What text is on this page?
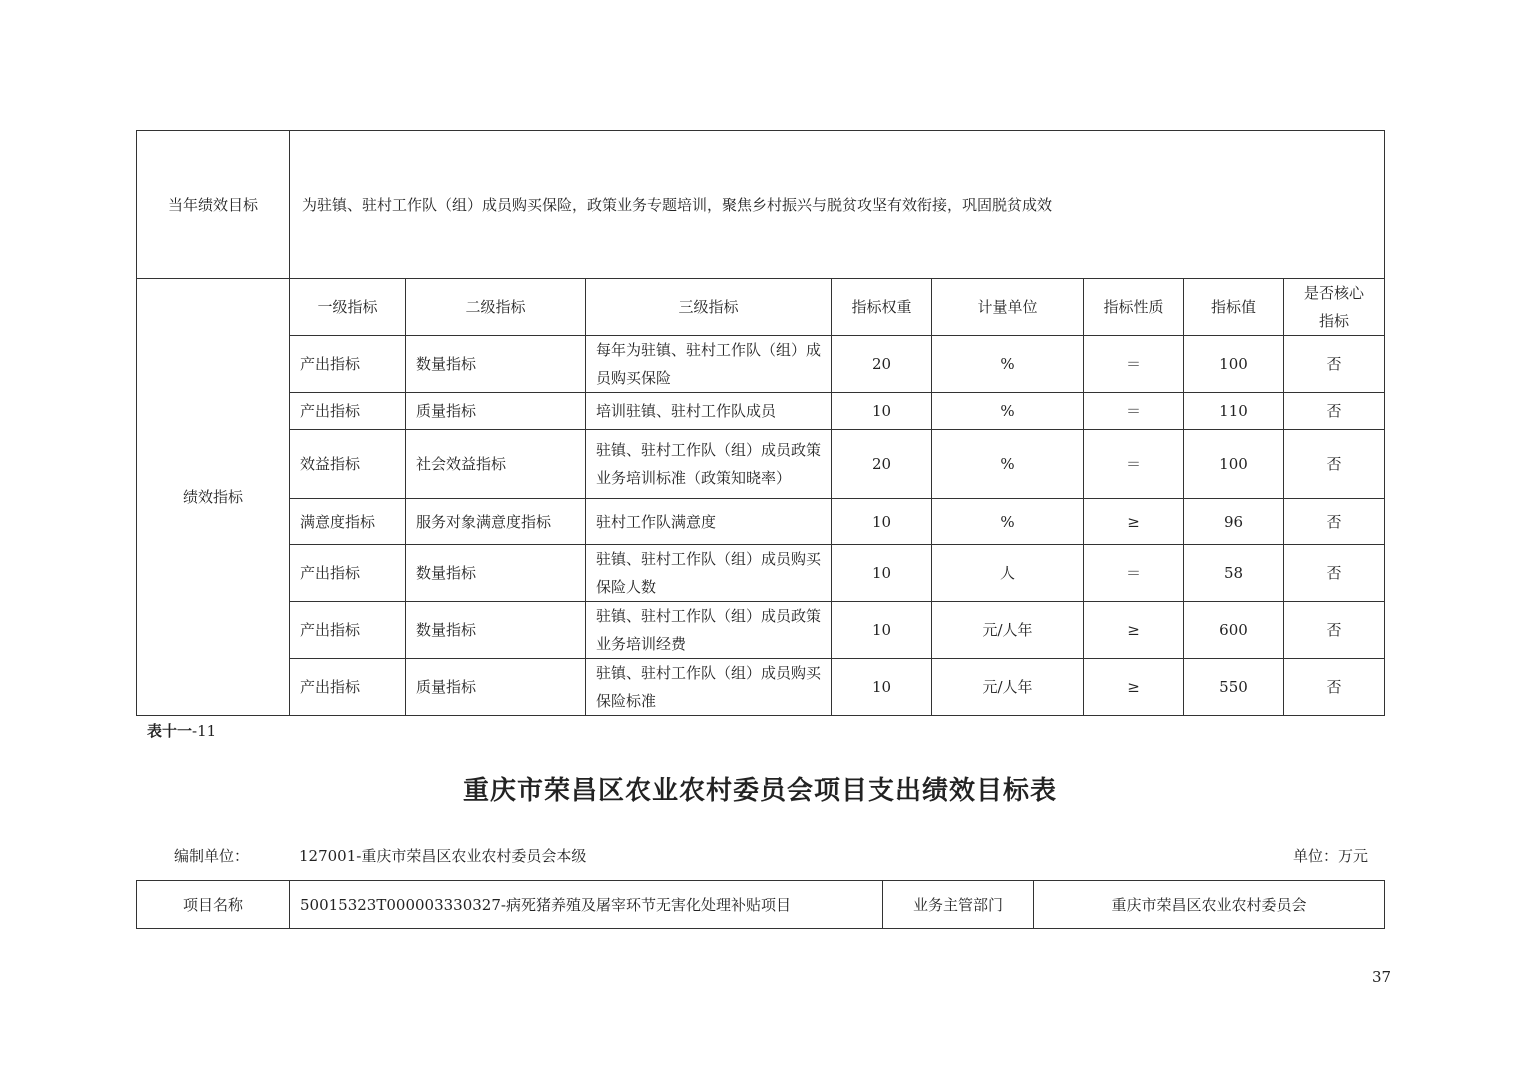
当年绩效目标	为驻镇、驻村工作队（组）成员购买保险，政策业务专题培训，聚焦乡村振兴与脱贫攻坚有效衔接，巩固脱贫成效							
绩效指标	一级指标	二级指标	三级指标	指标权重	计量单位	指标性质	指标值	是否核心指标
	产出指标	数量指标	每年为驻镇、驻村工作队（组）成员购买保险	20	%	＝	100	否
	产出指标	质量指标	培训驻镇、驻村工作队成员	10	%	＝	110	否
	效益指标	社会效益指标	驻镇、驻村工作队（组）成员政策业务培训标准（政策知晓率）	20	%	＝	100	否
	满意度指标	服务对象满意度指标	驻村工作队满意度	10	%	≥	96	否
	产出指标	数量指标	驻镇、驻村工作队（组）成员购买保险人数	10	人	＝	58	否
	产出指标	数量指标	驻镇、驻村工作队（组）成员政策业务培训经费	10	元/人年	≥	600	否
	产出指标	质量指标	驻镇、驻村工作队（组）成员购买保险标准	10	元/人年	≥	550	否
表十一-11
重庆市荣昌区农业农村委员会项目支出绩效目标表
编制单位：	127001-重庆市荣昌区农业农村委员会本级	单位：万元
项目名称	50015323T000003330327-病死猪养殖及屠宰环节无害化处理补贴项目	业务主管部门	重庆市荣昌区农业农村委员会
37
